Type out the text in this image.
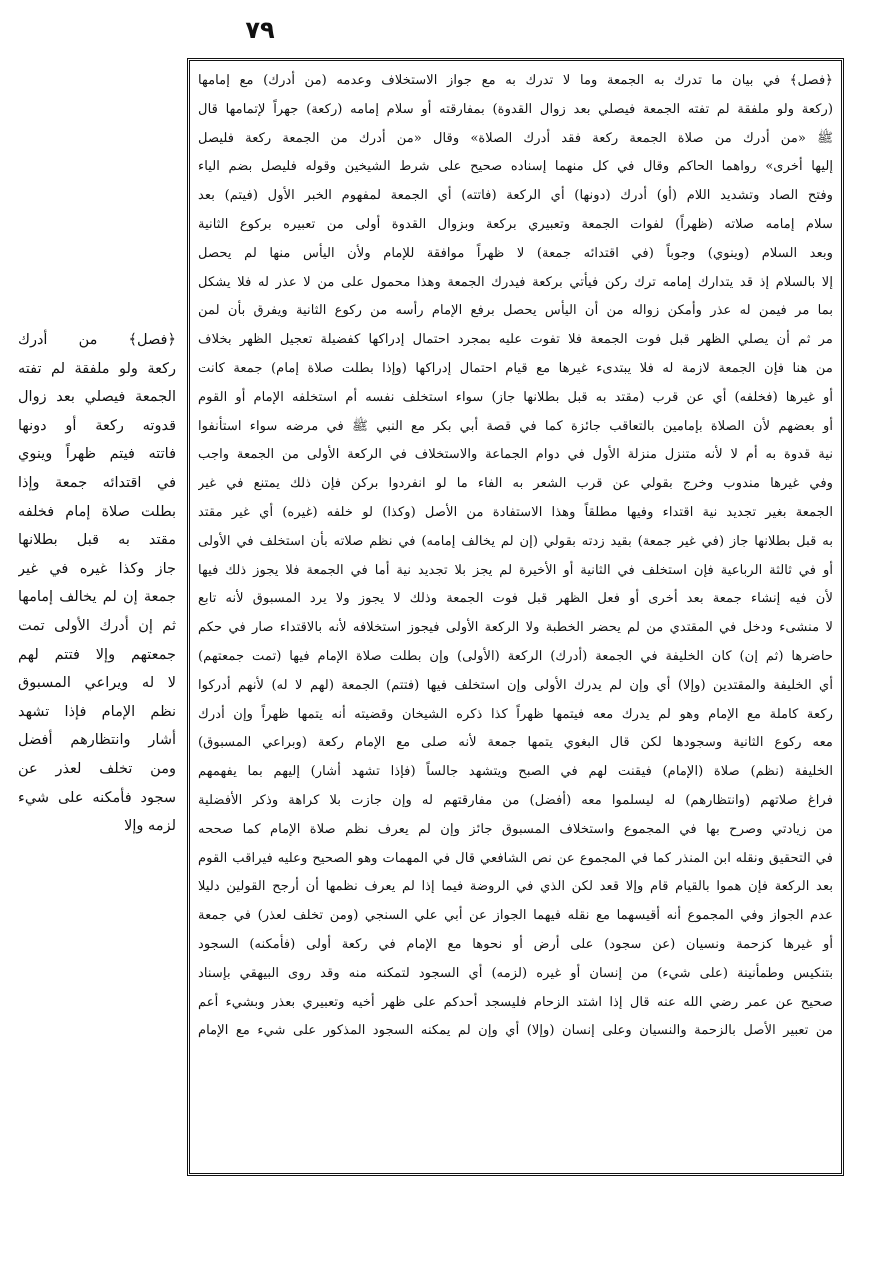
٧٩
﴿فصل﴾ في بيان ما تدرك به الجمعة وما لا تدرك به مع جواز الاستخلاف وعدمه (من أدرك) مع إمامها
(ركعة ولو ملفقة لم تفته الجمعة فيصلي بعد زوال القدوة) بمفارقته أو سلام إمامه (ركعة) جهراً لإتمامها قال
ﷺ «من أدرك من صلاة الجمعة ركعة فقد أدرك الصلاة» وقال «من أدرك من الجمعة ركعة فليصل
إليها أخرى» رواهما الحاكم وقال في كل منهما إسناده صحيح على شرط الشيخين وقوله فليصل بضم الياء
وفتح الصاد وتشديد اللام (أو) أدرك (دونها) أي الركعة (فاتته) أي الجمعة لمفهوم الخبر الأول (فيتم) بعد
سلام إمامه صلاته (ظهراً) لفوات الجمعة وتعبيري بركعة وبزوال القدوة أولى من تعبيره بركوع الثانية
وبعد السلام (وينوي) وجوباً (في اقتدائه جمعة) لا ظهراً موافقة للإمام ولأن اليأس منها لم يحصل
إلا بالسلام إذ قد يتدارك إمامه ترك ركن فيأتي بركعة فيدرك الجمعة وهذا محمول على من لا عذر له فلا يشكل
بما مر فيمن له عذر وأمكن زواله من أن اليأس يحصل برفع الإمام رأسه من ركوع الثانية ويفرق بأن لمن
مر ثم أن يصلي الظهر قبل فوت الجمعة فلا تفوت عليه بمجرد احتمال إدراكها كفضيلة تعجيل الظهر بخلاف
من هنا فإن الجمعة لازمة له فلا يبتدىء غيرها مع قيام احتمال إدراكها (وإذا بطلت صلاة إمام) جمعة كانت
أو غيرها (فخلفه) أي عن قرب (مقتد به قبل بطلانها جاز) سواء استخلف نفسه أم استخلفه الإمام أو القوم
أو بعضهم لأن الصلاة بإمامين بالتعاقب جائزة كما في قصة أبي بكر مع النبي ﷺ في مرضه سواء استأنفوا
نية قدوة به أم لا لأنه متنزل منزلة الأول في دوام الجماعة والاستخلاف في الركعة الأولى من الجمعة واجب
وفي غيرها مندوب وخرج بقولي عن قرب الشعر به الفاء ما لو انفردوا بركن فإن ذلك يمتنع في غير
الجمعة بغير تجديد نية اقتداء وفيها مطلقاً وهذا الاستفادة من الأصل (وكذا) لو خلفه (غيره) أي غير مقتد
به قبل بطلانها جاز (في غير جمعة) بقيد زدته بقولي (إن لم يخالف إمامه) في نظم صلاته بأن استخلف في الأولى
أو في ثالثة الرباعية فإن استخلف في الثانية أو الأخيرة لم يجز بلا تجديد نية أما في الجمعة فلا يجوز ذلك فيها
لأن فيه إنشاء جمعة بعد أخرى أو فعل الظهر قبل فوت الجمعة وذلك لا يجوز ولا يرد المسبوق لأنه تابع
لا منشىء ودخل في المقتدي من لم يحضر الخطبة ولا الركعة الأولى فيجوز استخلافه لأنه بالاقتداء صار في حكم
حاضرها (ثم إن) كان الخليفة في الجمعة (أدرك) الركعة (الأولى) وإن بطلت صلاة الإمام فيها (تمت جمعتهم)
أي الخليفة والمقتدين (وإلا) أي وإن لم يدرك الأولى وإن استخلف فيها (فتتم) الجمعة (لهم لا له) لأنهم أدركوا
ركعة كاملة مع الإمام وهو لم يدرك معه فيتمها ظهراً كذا ذكره الشيخان وقضيته أنه يتمها ظهراً وإن أدرك
معه ركوع الثانية وسجودها لكن قال البغوي يتمها جمعة لأنه صلى مع الإمام ركعة (وبراعي المسبوق)
الخليفة (نظم) صلاة (الإمام) فيقنت لهم في الصبح ويتشهد جالساً (فإذا تشهد أشار) إليهم بما يفهمهم
فراغ صلاتهم (وانتظارهم) له ليسلموا معه (أفضل) من مفارقتهم له وإن جازت بلا كراهة وذكر الأفضلية
من زيادتي وصرح بها في المجموع واستخلاف المسبوق جائز وإن لم يعرف نظم صلاة الإمام كما صححه
في التحقيق ونقله ابن المنذر كما في المجموع عن نص الشافعي قال في المهمات وهو الصحيح وعليه فيراقب القوم
بعد الركعة فإن هموا بالقيام قام وإلا قعد لكن الذي في الروضة فيما إذا لم يعرف نظمها أن أرجح القولين دليلا
عدم الجواز وفي المجموع أنه أقيسهما مع نقله فيهما الجواز عن أبي علي السنجي (ومن تخلف لعذر) في جمعة
أو غيرها كزحمة ونسيان (عن سجود) على أرض أو نحوها مع الإمام في ركعة أولى (فأمكنه) السجود
بتنكيس وطمأنينة (على شيء) من إنسان أو غيره (لزمه) أي السجود لتمكنه منه وقد روى البيهقي بإسناد
صحيح عن عمر رضي الله عنه قال إذا اشتد الزحام فليسجد أحدكم على ظهر أخيه وتعبيري بعذر وبشيء أعم
من تعبير الأصل بالزحمة والنسيان وعلى إنسان (وإلا) أي وإن لم يمكنه السجود المذكور على شيء مع الإمام
﴿فصل﴾ من أدرك
ركعة ولو ملفقة لم تفته
الجمعة فيصلي بعد زوال
قدوته ركعة أو دونها
فاتته فيتم ظهراً وينوي
في اقتدائه جمعة وإذا
بطلت صلاة إمام فخلفه
مقتد به قبل بطلانها
جاز وكذا غيره في غير
جمعة إن لم يخالف إمامها
ثم إن أدرك الأولى تمت
جمعتهم وإلا فتتم لهم
لا له ويراعي المسبوق
نظم الإمام فإذا تشهد
أشار وانتظارهم أفضل
ومن تخلف لعذر عن
سجود فأمكنه على شيء
لزمه وإلا
